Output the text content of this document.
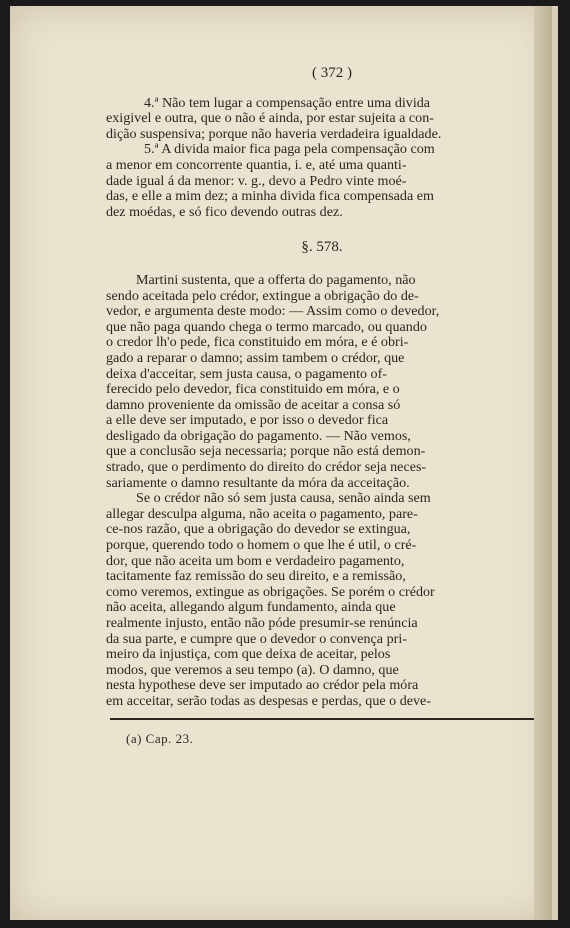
( 372 )

4.ª Não tem lugar a compensação entre uma divida
exigivel e outra, que o não é ainda, por estar sujeita a con-
dição suspensiva; porque não haveria verdadeira igualdade.

5.ª A divida maior fica paga pela compensação com
a menor em concorrente quantia, i. e, até uma quanti-
dade igual á da menor: v. g., devo a Pedro vinte moé-
das, e elle a mim dez; a minha divida fica compensada em
dez moédas, e só fico devendo outras dez.

§. 578.

Martini sustenta, que a offerta do pagamento, não
sendo aceitada pelo crédor, extingue a obrigação do de-
vedor, e argumenta deste modo: — Assim como o devedor,
que não paga quando chega o termo marcado, ou quando
o credor lh'o pede, fica constituido em móra, e é obri-
gado a reparar o damno; assim tambem o crédor, que
deixa d'acceitar, sem justa causa, o pagamento of-
ferecido pelo devedor, fica constituido em móra, e o
damno proveniente da omissão de aceitar a consa só
a elle deve ser imputado, e por isso o devedor fica
desligado da obrigação do pagamento. — Não vemos,
que a conclusão seja necessaria; porque não está demon-
strado, que o perdimento do direito do crédor seja neces-
sariamente o damno resultante da móra da acceitação.

Se o crédor não só sem justa causa, senão ainda sem
allegar desculpa alguma, não aceita o pagamento, pare-
ce-nos razão, que a obrigação do devedor se extingua,
porque, querendo todo o homem o que lhe é util, o cré-
dor, que não aceita um bom e verdadeiro pagamento,
tacitamente faz remissão do seu direito, e a remissão,
como veremos, extingue as obrigações. Se porém o crédor
não aceita, allegando algum fundamento, ainda que
realmente injusto, então não póde presumir-se renúncia
da sua parte, e cumpre que o devedor o convença pri-
meiro da injustiça, com que deixa de aceitar, pelos
modos, que veremos a seu tempo (a). O damno, que
nesta hypothese deve ser imputado ao crédor pela móra
em acceitar, serão todas as despesas e perdas, que o deve-

(a) Cap. 23.
